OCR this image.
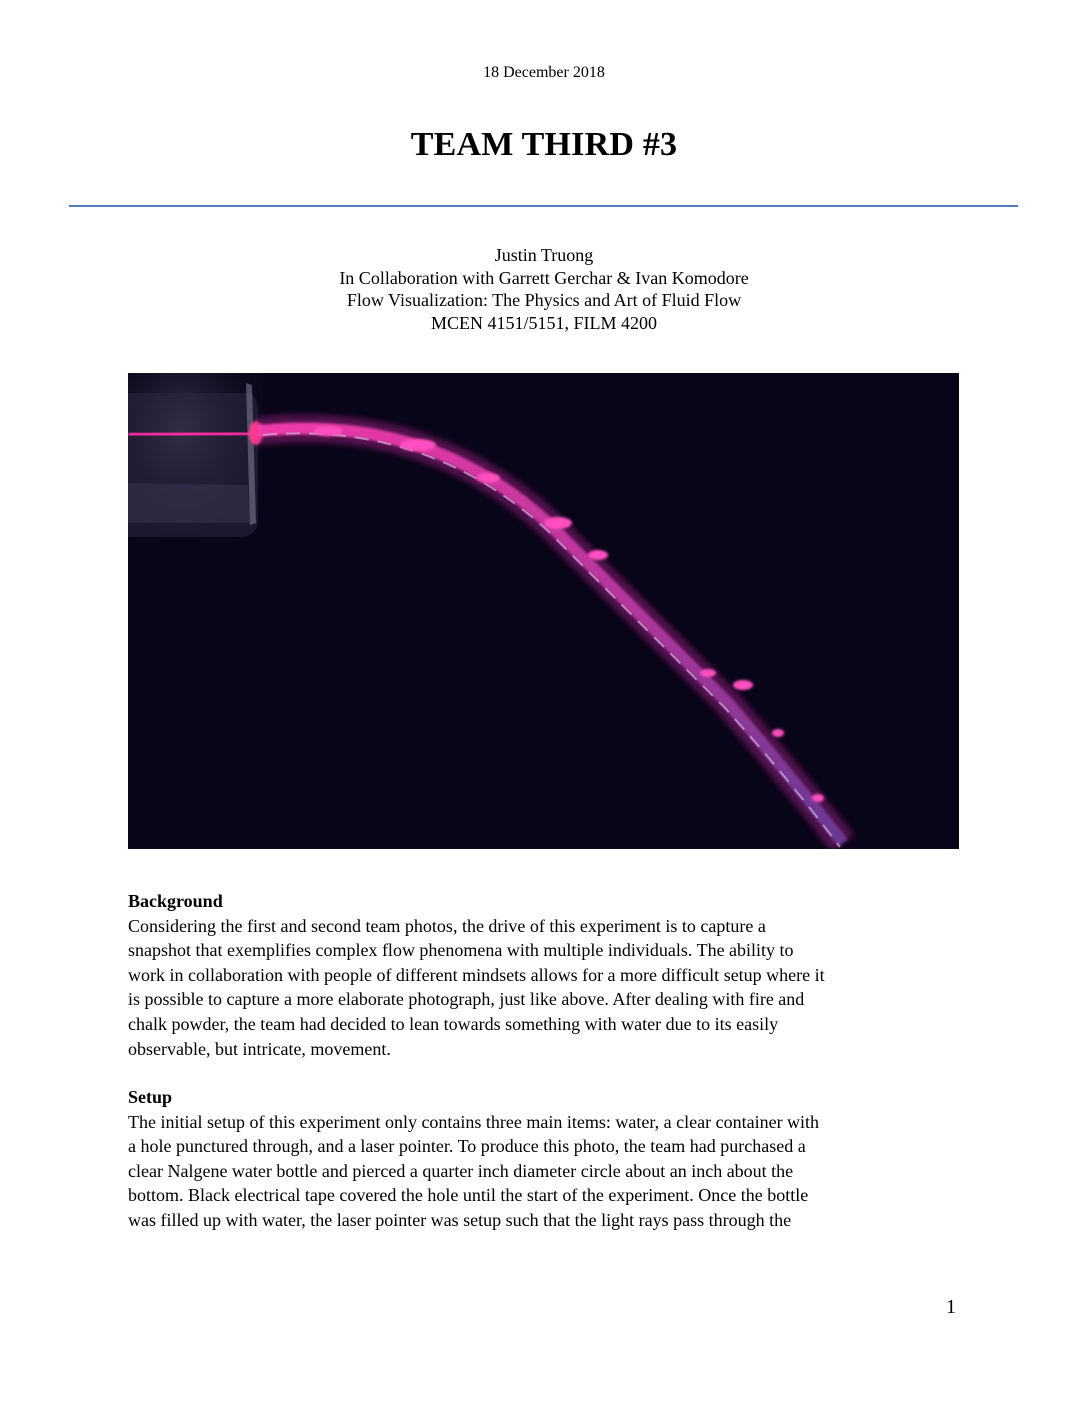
18 December 2018
TEAM THIRD #3
Justin Truong
In Collaboration with Garrett Gerchar & Ivan Komodore
Flow Visualization: The Physics and Art of Fluid Flow
MCEN 4151/5151, FILM 4200
Background

Considering the first and second team photos, the drive of this experiment is to capture a
snapshot that exemplifies complex flow phenomena with multiple individuals. The ability to
work in collaboration with people of different mindsets allows for a more difficult setup where it
is possible to capture a more elaborate photograph, just like above. After dealing with fire and
chalk powder, the team had decided to lean towards something with water due to its easily
observable, but intricate, movement.

Setup

The initial setup of this experiment only contains three main items: water, a clear container with
a hole punctured through, and a laser pointer. To produce this photo, the team had purchased a
clear Nalgene water bottle and pierced a quarter inch diameter circle about an inch about the
bottom. Black electrical tape covered the hole until the start of the experiment. Once the bottle
was filled up with water, the laser pointer was setup such that the light rays pass through the

1
